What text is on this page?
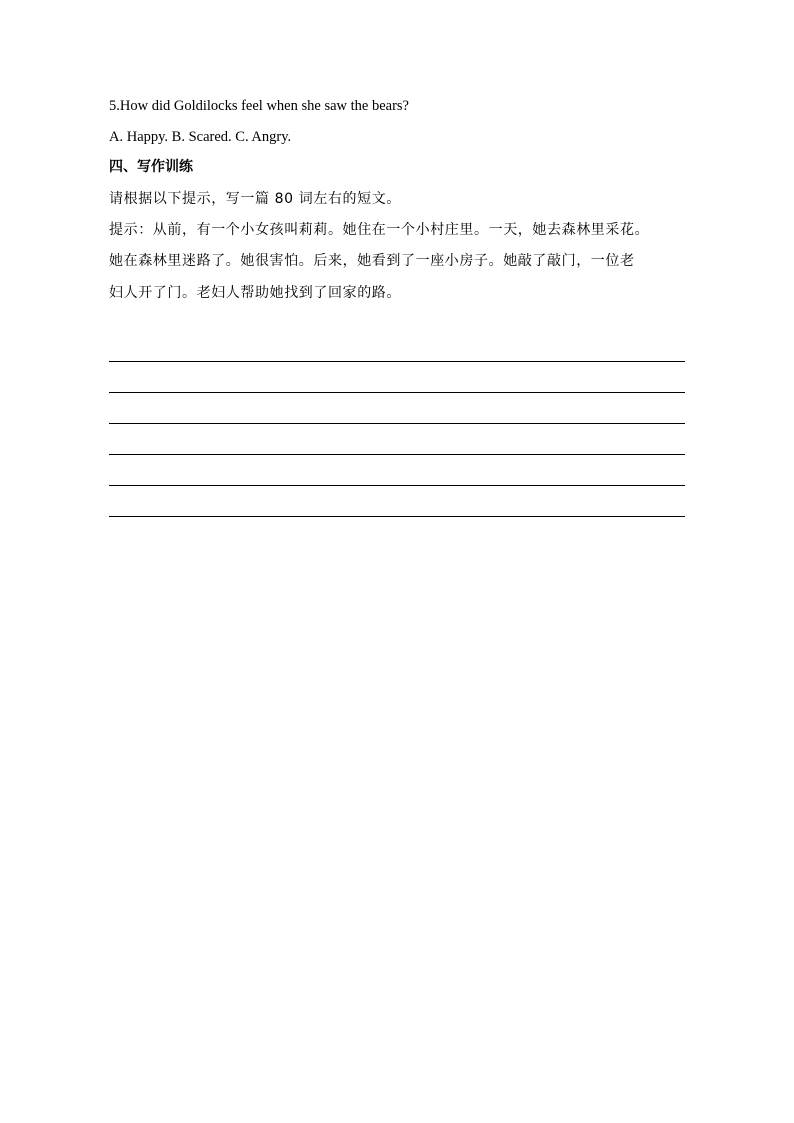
5.How did Goldilocks feel when she saw the bears?
A. Happy. B. Scared. C. Angry.
四、写作训练
请根据以下提示，写一篇 80 词左右的短文。
提示：从前，有一个小女孩叫莉莉。她住在一个小村庄里。一天，她去森林里采花。
她在森林里迷路了。她很害怕。后来，她看到了一座小房子。她敲了敲门，一位老
妇人开了门。老妇人帮助她找到了回家的路。
